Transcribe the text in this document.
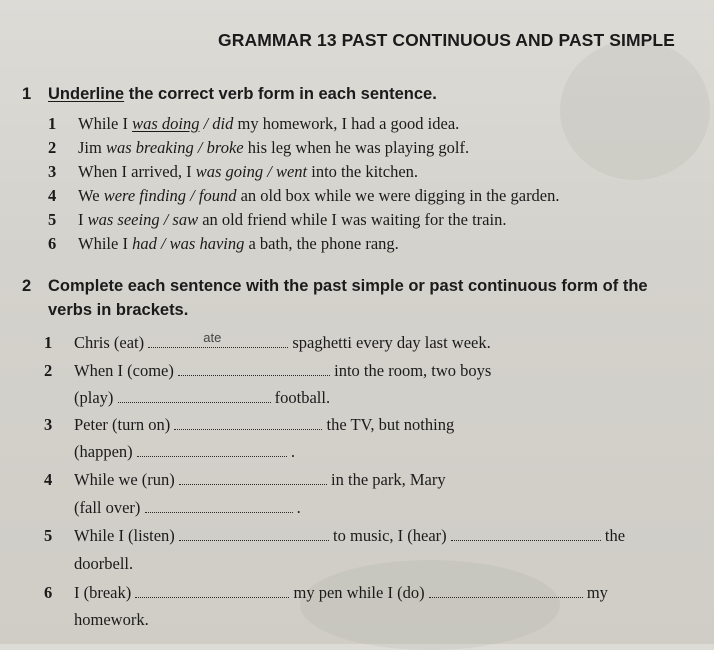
GRAMMAR 13 PAST CONTINUOUS AND PAST SIMPLE
1 Underline the correct verb form in each sentence.
1 While I was doing / did my homework, I had a good idea.
2 Jim was breaking / broke his leg when he was playing golf.
3 When I arrived, I was going / went into the kitchen.
4 We were finding / found an old box while we were digging in the garden.
5 I was seeing / saw an old friend while I was waiting for the train.
6 While I had / was having a bath, the phone rang.
2 Complete each sentence with the past simple or past continuous form of the
verbs in brackets.
1 Chris (eat)	ate	spaghetti every day last week.
2 When I (come)	into the room, two boys
(play)	football.
3 Peter (turn on)	the TV, but nothing
(happen)	.
4 While we (run)	in the park, Mary
(fall over)	.
5 While I (listen)	to music, I (hear)	the
doorbell.
6 I (break)	my pen while I (do)	my
homework.
